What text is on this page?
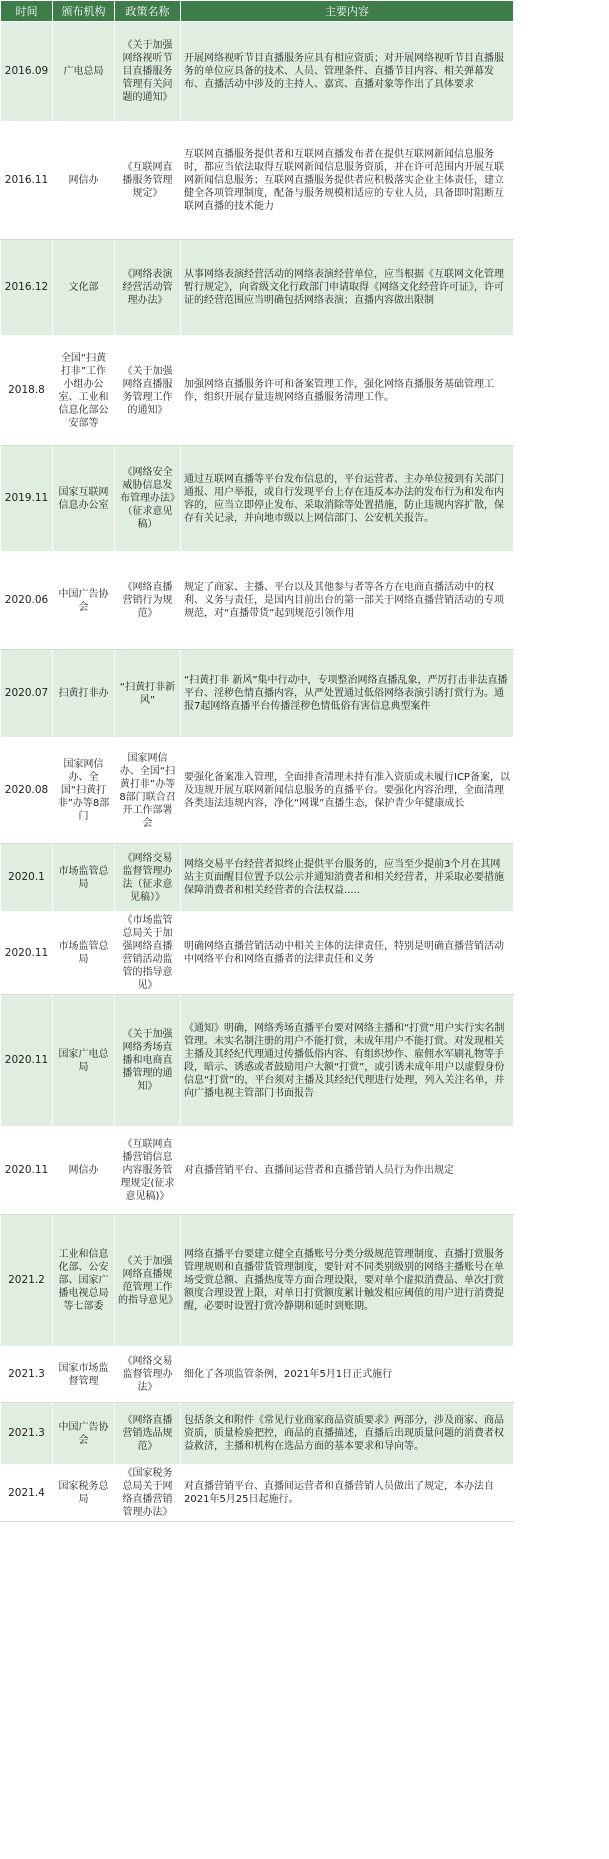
时间	颁布机构	政策名称	主要内容
2016.09	广电总局	《关于加强网络视听节目直播服务管理有关问题的通知》	开展网络视听节目直播服务应具有相应资质；对开展网络视听节目直播服务的单位应具备的技术、人员、管理条件、直播节目内容、相关弹幕发布、直播活动中涉及的主持人、嘉宾、直播对象等作出了具体要求
2016.11	网信办	《互联网直播服务管理规定》	互联网直播服务提供者和互联网直播发布者在提供互联网新闻信息服务时，都应当依法取得互联网新闻信息服务资质，并在许可范围内开展互联网新闻信息服务；互联网直播服务提供者应积极落实企业主体责任，建立健全各项管理制度，配备与服务规模相适应的专业人员，具备即时阻断互联网直播的技术能力
2016.12	文化部	《网络表演经营活动管理办法》	从事网络表演经营活动的网络表演经营单位，应当根据《互联网文化管理暂行规定》，向省级文化行政部门申请取得《网络文化经营许可证》，许可证的经营范围应当明确包括网络表演；直播内容做出限制
2018.8	全国“扫黄打非”工作小组办公室、工业和信息化部公安部等	《关于加强网络直播服务管理工作的通知》	加强网络直播服务许可和备案管理工作，强化网络直播服务基础管理工作，组织开展存量违规网络直播服务清理工作。
2019.11	国家互联网信息办公室	《网络安全威胁信息发布管理办法》（征求意见稿）	通过互联网直播等平台发布信息的，平台运营者、主办单位接到有关部门通报、用户举报，或自行发现平台上存在违反本办法的发布行为和发布内容的，应当立即停止发布、采取消除等处置措施，防止违规内容扩散，保存有关记录，并向地市级以上网信部门、公安机关报告。
2020.06	中国广告协会	《网络直播营销行为规范》	规定了商家、主播、平台以及其他参与者等各方在电商直播活动中的权利、义务与责任，是国内目前出台的第一部关于网络直播营销活动的专项规范，对“直播带货”起到规范引领作用
2020.07	扫黄打非办	“扫黄打非新风”	“扫黄打非 新风”集中行动中，专项整治网络直播乱象，严厉打击非法直播平台、淫秽色情直播内容，从严处置通过低俗网络表演引诱打赏行为。通报7起网络直播平台传播淫秽色情低俗有害信息典型案件
2020.08	国家网信办、全国“扫黄打非”办等8部门	国家网信办、全国“扫黄打非”办等8部门联合召开工作部署会	要强化备案准入管理，全面排查清理未持有准入资质或未履行ICP备案，以及违规开展互联网新闻信息服务的直播平台。要强化内容治理，全面清理各类违法违规内容，净化“网课”直播生态，保护青少年健康成长
2020.1	市场监管总局	《网络交易监督管理办法（征求意见稿）》	网络交易平台经营者拟终止提供平台服务的，应当至少提前3个月在其网站主页面醒目位置予以公示并通知消费者和相关经营者，并采取必要措施保障消费者和相关经营者的合法权益.....
2020.11	市场监管总局	《市场监管总局关于加强网络直播营销活动监管的指导意见》	明确网络直播营销活动中相关主体的法律责任，特别是明确直播营销活动中网络平台和网络直播者的法律责任和义务
2020.11	国家广电总局	《关于加强网络秀场直播和电商直播管理的通知》	《通知》明确，网络秀场直播平台要对网络主播和“打赏”用户实行实名制管理。未实名制注册的用户不能打赏，未成年用户不能打赏。对发现相关主播及其经纪代理通过传播低俗内容、有组织炒作、雇佣水军刷礼物等手段，暗示、诱惑或者鼓励用户大额“打赏”，或引诱未成年用户以虚假身份信息“打赏”的，平台须对主播及其经纪代理进行处理，列入关注名单，并向广播电视主管部门书面报告
2020.11	网信办	《互联网直播营销信息内容服务管理规定(征求意见稿)》	对直播营销平台、直播间运营者和直播营销人员行为作出规定
2021.2	工业和信息化部、公安部、国家广播电视总局等七部委	《关于加强网络直播规范管理工作的指导意见》	网络直播平台要建立健全直播账号分类分级规范管理制度、直播打赏服务管理规则和直播带货管理制度，要针对不同类别级别的网络主播账号在单场受赏总额、直播热度等方面合理设限，要对单个虚拟消费品、单次打赏额度合理设置上限，对单日打赏额度累计触发相应阈值的用户进行消费提醒，必要时设置打赏冷静期和延时到账期。
2021.3	国家市场监督管理	《网络交易监督管理办法》	细化了各项监管条例，2021年5月1日正式施行
2021.3	中国广告协会	《网络直播营销选品规范》	包括条文和附件《常见行业商家商品资质要求》两部分，涉及商家、商品资质，质量检验把控，商品的直播描述，直播后出现质量问题的消费者权益救济，主播和机构在选品方面的基本要求和导向等。
2021.4	国家税务总局	《国家税务总局关于网络直播营销管理办法》	对直播营销平台、直播间运营者和直播营销人员做出了规定，本办法自2021年5月25日起施行。
